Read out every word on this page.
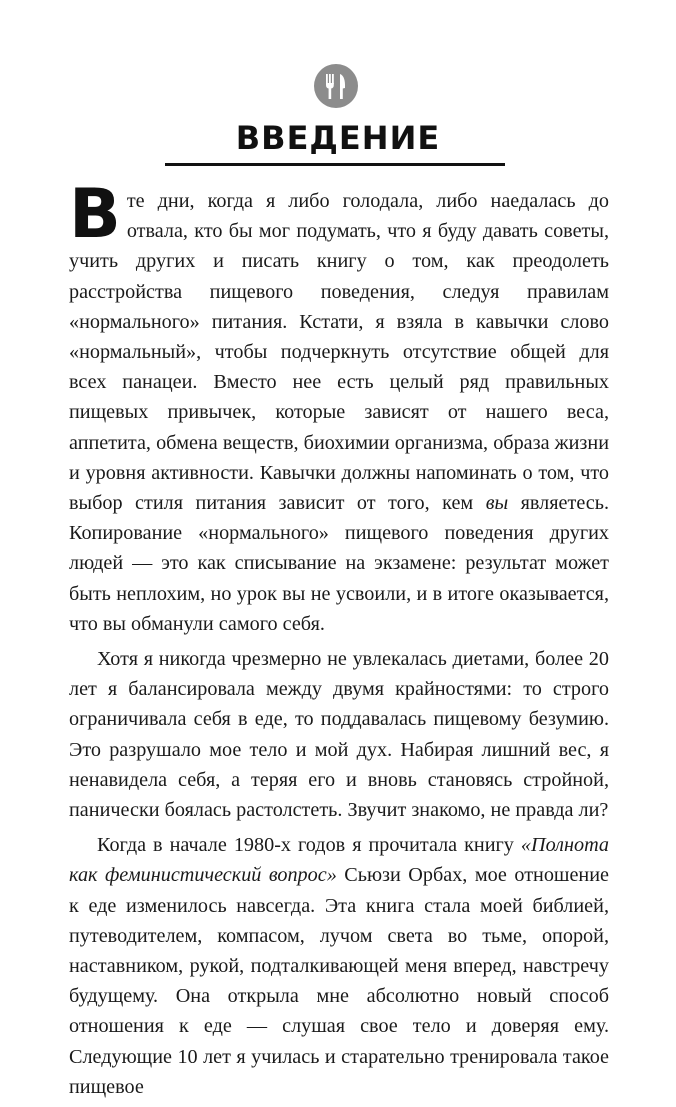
ВВЕДЕНИЕ

Вте дни, когда я либо голодала, либо наедалась до отвала, кто бы мог подумать, что я буду давать советы, учить других и писать книгу о том, как преодолеть расстройства пищевого поведения, следуя правилам «нормального» питания. Кстати, я взяла в кавычки слово «нормальный», чтобы подчеркнуть отсутствие общей для всех панацеи. Вместо нее есть целый ряд правильных пищевых привычек, которые зависят от нашего веса, аппетита, обмена веществ, биохимии организма, образа жизни и уровня активности. Кавычки должны напоминать о том, что выбор стиля питания зависит от того, кем вы являетесь. Копирование «нормального» пищевого поведения других людей — это как списывание на экзамене: результат может быть неплохим, но урок вы не усвоили, и в итоге оказывается, что вы обманули самого себя.

Хотя я никогда чрезмерно не увлекалась диетами, более 20 лет я балансировала между двумя крайностями: то строго ограничивала себя в еде, то поддавалась пищевому безумию. Это разрушало мое тело и мой дух. Набирая лишний вес, я ненавидела себя, а теряя его и вновь становясь стройной, панически боялась растолстеть. Звучит знакомо, не правда ли?

Когда в начале 1980-х годов я прочитала книгу «Полнота как феминистический вопрос» Сьюзи Орбах, мое отношение к еде изменилось навсегда. Эта книга стала моей библией, путеводителем, компасом, лучом света во тьме, опорой, наставником, рукой, подталкивающей меня вперед, навстречу будущему. Она открыла мне абсолютно новый способ отношения к еде — слушая свое тело и доверяя ему. Следующие 10 лет я училась и старательно тренировала такое пищевое
